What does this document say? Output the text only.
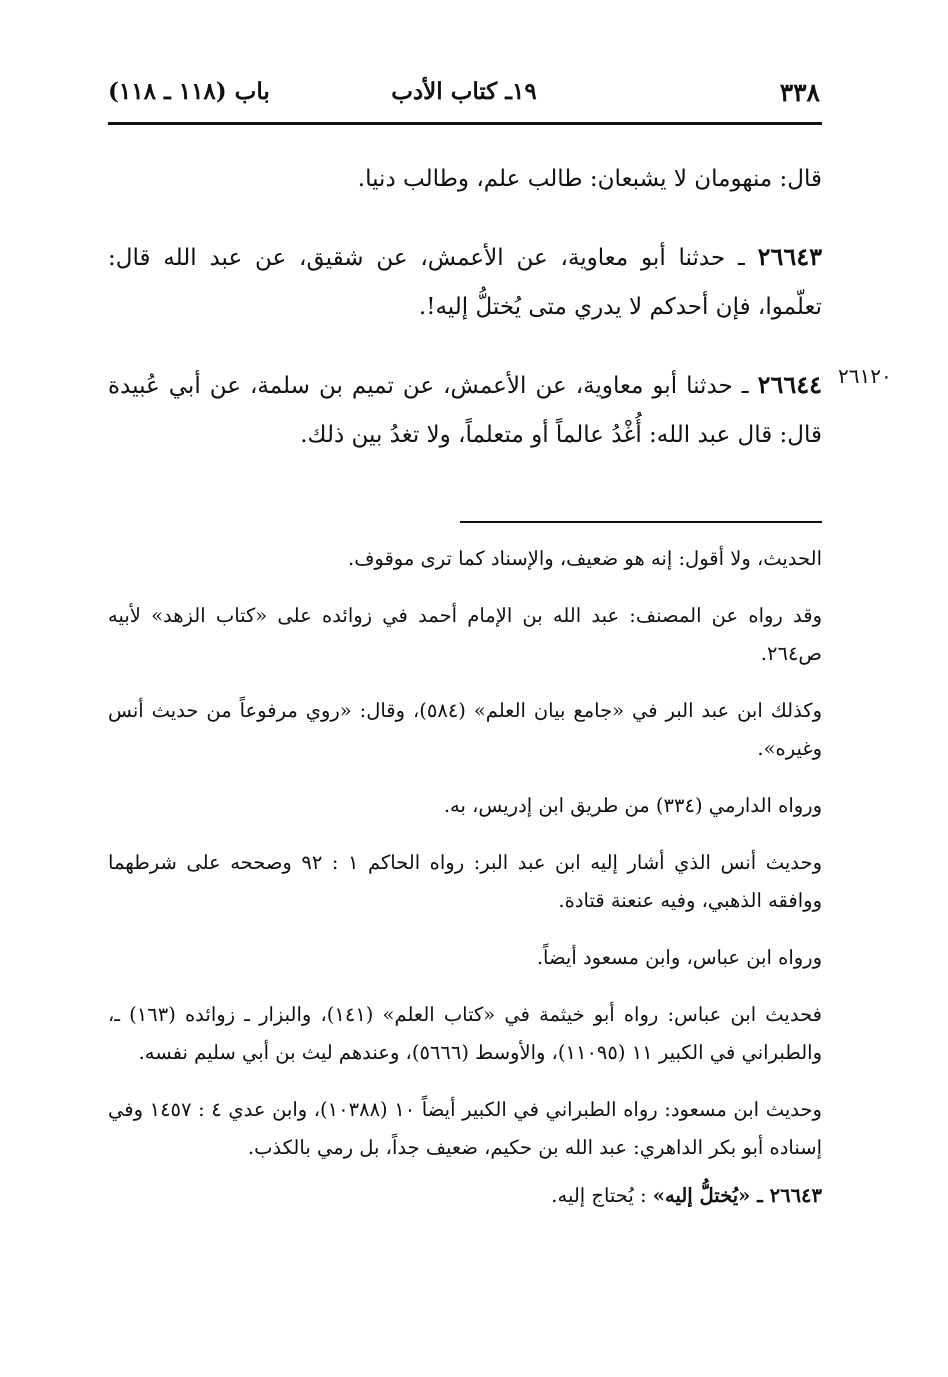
٣٣٨
١٩ـ كتاب الأدب
باب (١١٨ ـ ١١٨)

قال: منهومان لا يشبعان: طالب علم، وطالب دنيا.

٢٦٦٤٣ ـ حدثنا أبو معاوية، عن الأعمش، عن شقيق، عن عبد الله قال: تعلّموا، فإن أحدكم لا يدري متى يُختلُّ إليه!.

٢٦١٢٠

٢٦٦٤٤ ـ حدثنا أبو معاوية، عن الأعمش، عن تميم بن سلمة، عن أبي عُبيدة قال: قال عبد الله: أُغْدُ عالماً أو متعلماً، ولا تغدُ بين ذلك.

الحديث، ولا أقول: إنه هو ضعيف، والإسناد كما ترى موقوف.

وقد رواه عن المصنف: عبد الله بن الإمام أحمد في زوائده على «كتاب الزهد» لأبيه ص٢٦٤.

وكذلك ابن عبد البر في «جامع بيان العلم» (٥٨٤)، وقال: «روي مرفوعاً من حديث أنس وغيره».

ورواه الدارمي (٣٣٤) من طريق ابن إدريس، به.

وحديث أنس الذي أشار إليه ابن عبد البر: رواه الحاكم ١ : ٩٢ وصححه على شرطهما ووافقه الذهبي، وفيه عنعنة قتادة.

ورواه ابن عباس، وابن مسعود أيضاً.

فحديث ابن عباس: رواه أبو خيثمة في «كتاب العلم» (١٤١)، والبزار ـ زوائده (١٦٣) ـ، والطبراني في الكبير ١١ (١١٠٩٥)، والأوسط (٥٦٦٦)، وعندهم ليث بن أبي سليم نفسه.

وحديث ابن مسعود: رواه الطبراني في الكبير أيضاً ١٠ (١٠٣٨٨)، وابن عدي ٤ : ١٤٥٧ وفي إسناده أبو بكر الداهري: عبد الله بن حكيم، ضعيف جداً، بل رمي بالكذب.

٢٦٦٤٣ ـ «يُختلُّ إليه» : يُحتاج إليه.
